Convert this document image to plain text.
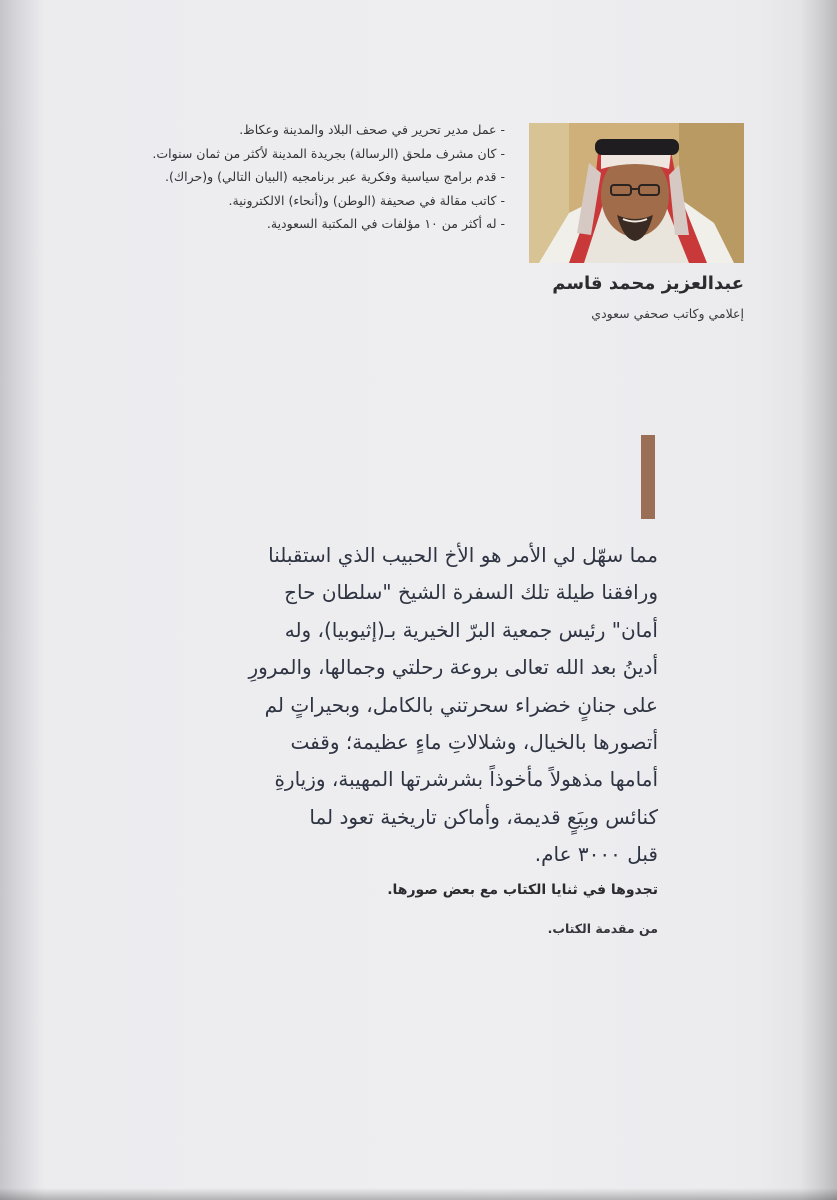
- عمل مدير تحرير في صحف البلاد والمدينة وعكاظ.
- كان مشرف ملحق (الرسالة) بجريدة المدينة لأكثر من ثمان سنوات.
- قدم برامج سياسية وفكرية عبر برنامجيه (البيان التالي) و(حراك).
- كاتب مقالة في صحيفة (الوطن) و(أنحاء) الالكترونية.
- له أكثر من ١٠ مؤلفات في المكتبة السعودية.
عبدالعزيز محمد قاسم
إعلامي وكاتب صحفي سعودي
مما سهّل لي الأمر هو الأخ الحبيب الذي استقبلنا
ورافقنا طيلة تلك السفرة الشيخ "سلطان حاج
أمان" رئيس جمعية البرّ الخيرية بـ(إثيوبيا)، وله
أدينُ بعد الله تعالى بروعة رحلتي وجمالها، والمرورِ
على جنانٍ خضراء سحرتني بالكامل، وبحيراتٍ لم
أتصورها بالخيال، وشلالاتِ ماءٍ عظيمة؛ وقفت
أمامها مذهولاً مأخوذاً بشرشرتها المهيبة، وزيارةِ
كنائس وبِيَعٍ قديمة، وأماكن تاريخية تعود لما
قبل ٣٠٠٠ عام.
تجدوها في ثنايا الكتاب مع بعض صورها.
من مقدمة الكتاب.
